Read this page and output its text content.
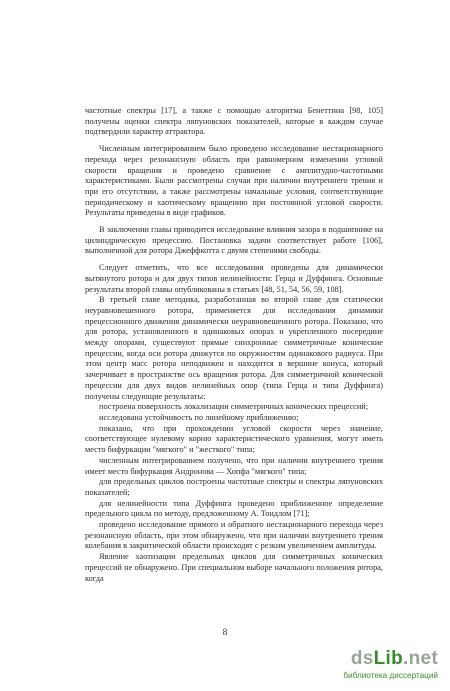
частотные спектры [17], а также с помощью алгоритма Бенеттина [98, 105] получены оценки спектра ляпуновских показателей, которые в каждом случае подтвердили характер аттрактора.

Численным интегрированием было проведено исследование нестационарного перехода через резонансную область при равномерном изменении угловой скорости вращения и проведено сравнение с амплитудно-частотными характеристиками. Были рассмотрены случаи при наличии внутреннего трения и при его отсутствии, а также рассмотрены начальные условия, соответствующие периодическому и хаотическому вращению при постоянной угловой скорости. Результаты приведены в виде графиков.

В заключении главы приводится исследование влияния зазора в подшипнике на цилиндрическую прецессию. Постановка задачи соответствует работе [106], выполненной для ротора Джеффкотта с двумя степенями свободы.

Следует отметить, что все исследования проведены для динамически вытянутого ротора и для двух типов нелинейности: Герца и Дуффинга. Основные результаты второй главы опубликованы в статьях [48, 51, 54, 56, 59, 108].

В третьей главе методика, разработанная во второй главе для статически неуравновешенного ротора, применяется для исследования динамики прецессионного движения динамически неуравновешенного ротора. Показано, что для ротора, установленного в одинаковых опорах и укрепленного посередине между опорами, существуют прямые синхронные симметричные конические прецессии, когда оси ротора движутся по окружностям одинакового радиуса. При этом центр масс ротора неподвижен и находится в вершине конуса, который зачерчивает в пространстве ось вращения ротора. Для симметричной конической прецессии для двух видов нелинейных опор (типа Герца и типа Дуффинга) получены следующие результаты:

построена поверхность локализации симметричных конических прецессий;

исследована устойчивость по линейному приближению;

показано, что при прохождении угловой скорости через значение, соответствующее нулевому корню характеристического уравнения, могут иметь место бифуркации "мягкого" и "жесткого" типа;

численным интегрированием получено, что при наличии внутреннего трения имеет место бифуркация Андронова — Хопфа "мягкого" типа;

для предельных циклов построены частотные спектры и спектры ляпуновских показателей;

для нелинейности типа Дуффинга проведено приближенное определение предельного цикла по методу, предложенному А. Тондлом [71];

проведено исследование прямого и обратного нестационарного перехода через резонансную область, при этом обнаружено, что при наличии внутреннего трения колебания в закритической области происходят с резким увеличением амплитуды.

Явление хаотизации предельных циклов для симметричных конических прецессий не обнаружено. При специальном выборе начального положения ротора, когда

8
dsLib.net
библиотека диссертаций
